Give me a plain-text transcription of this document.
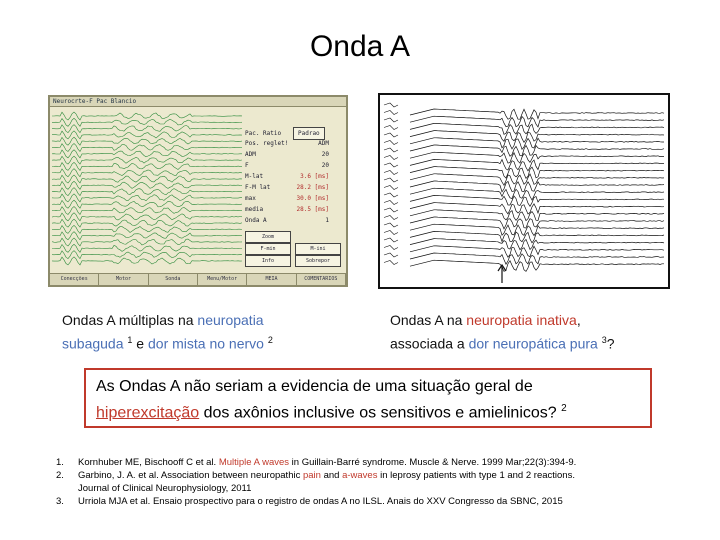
Onda A
Neurocrte-F Pac Blancio
Pac. Ratio	Padrao
Pos. reglet!	ADM
ADM	20
F	20
M-lat	3.6 [ms]
F-M lat	28.2 [ms]
max	30.0 [ms]
media	28.5 [ms]
Onda A	1
Zoom
F-min	M-ini
Info	Sobrepor
Conecções	Motor	Sonda	Menu/Motor	MEIA	COMENTARIOS
Ondas A múltiplas na neuropatia
subaguda $^1$ e dor mista no nervo $^2$
Ondas A na neuropatia inativa,
associada a dor neuropática pura $^3$?
As Ondas A não seriam a evidencia de uma situação geral de
hiperexcitação dos axônios inclusive os sensitivos e amielinicos? $^2$
1.	Kornhuber ME, Bischooff C et al. Multiple A waves in Guillain-Barré syndrome. Muscle & Nerve. 1999 Mar;22(3):394-9.
2.	Garbino, J. A. et al. Association between neuropathic pain and a-waves in leprosy patients with type 1 and 2 reactions.
Journal of Clinical Neurophysiology, 2011
3.	Urriola MJA et al. Ensaio prospectivo para o registro de ondas A no ILSL. Anais do XXV Congresso da SBNC, 2015
